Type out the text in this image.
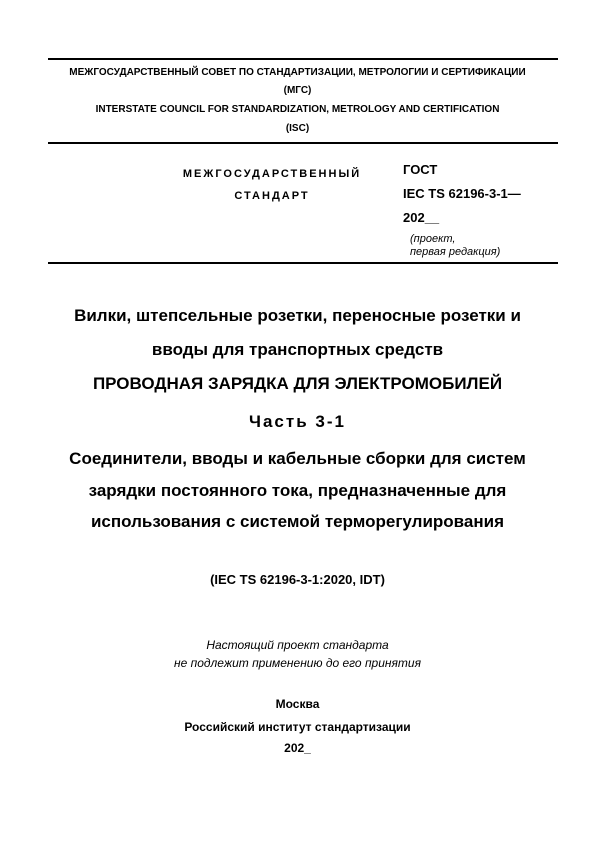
МЕЖГОСУДАРСТВЕННЫЙ СОВЕТ ПО СТАНДАРТИЗАЦИИ, МЕТРОЛОГИИ И СЕРТИФИКАЦИИ
(МГС)
INTERSTATE COUNCIL FOR STANDARDIZATION, METROLOGY AND CERTIFICATION
(ISC)
МЕЖГОСУДАРСТВЕННЫЙ
СТАНДАРТ
ГОСТ
IEC TS 62196-3-1—
202__
(проект,
первая редакция)
Вилки, штепсельные розетки, переносные розетки и
вводы для транспортных средств
ПРОВОДНАЯ ЗАРЯДКА ДЛЯ ЭЛЕКТРОМОБИЛЕЙ
Часть 3-1
Соединители, вводы и кабельные сборки для систем
зарядки постоянного тока, предназначенные для
использования с системой терморегулирования
(IEC TS 62196-3-1:2020, IDT)
Настоящий проект стандарта
не подлежит применению до его принятия
Москва
Российский институт стандартизации
202_
